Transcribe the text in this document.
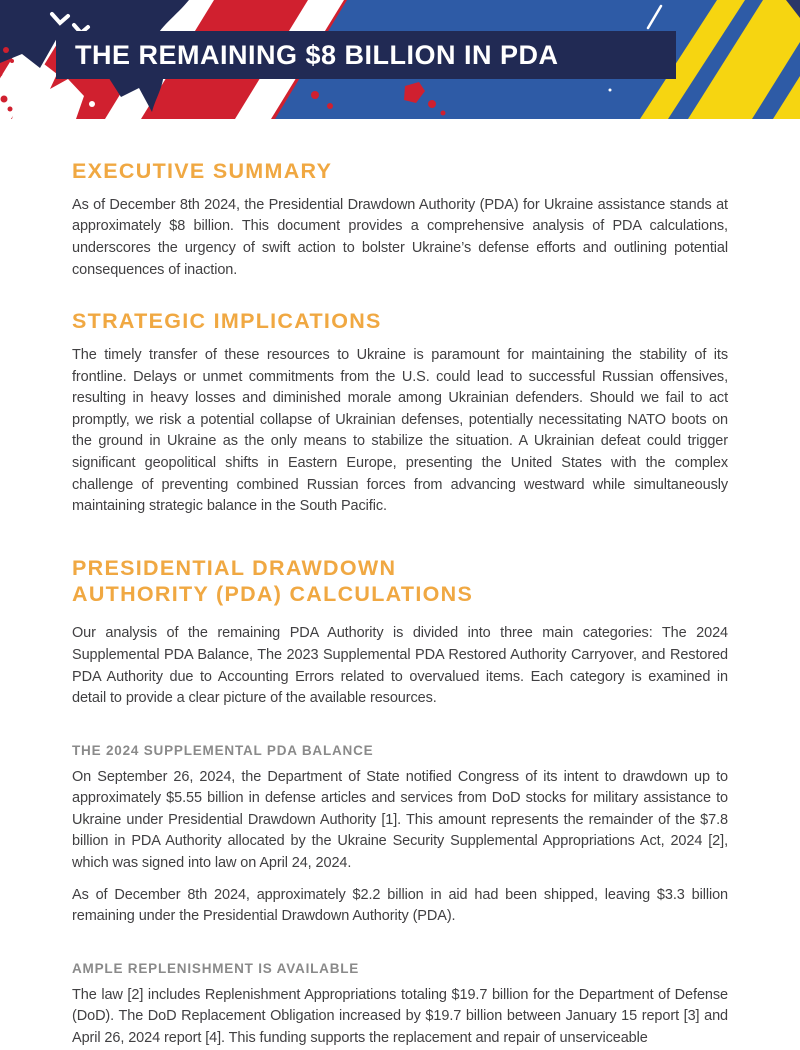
THE REMAINING $8 BILLION IN PDA
EXECUTIVE SUMMARY

As of December 8th 2024, the Presidential Drawdown Authority (PDA) for Ukraine assistance stands at approximately $8 billion. This document provides a comprehensive analysis of PDA calculations, underscores the urgency of swift action to bolster Ukraine’s defense efforts and outlining potential consequences of inaction.

STRATEGIC IMPLICATIONS

The timely transfer of these resources to Ukraine is paramount for maintaining the stability of its frontline. Delays or unmet commitments from the U.S. could lead to successful Russian offensives, resulting in heavy losses and diminished morale among Ukrainian defenders. Should we fail to act promptly, we risk a potential collapse of Ukrainian defenses, potentially necessitating NATO boots on the ground in Ukraine as the only means to stabilize the situation. A Ukrainian defeat could trigger significant geopolitical shifts in Eastern Europe, presenting the United States with the complex challenge of preventing combined Russian forces from advancing westward while simultaneously maintaining strategic balance in the South Pacific.

PRESIDENTIAL DRAWDOWN
AUTHORITY (PDA) CALCULATIONS

Our analysis of the remaining PDA Authority is divided into three main categories: The 2024 Supplemental PDA Balance, The 2023 Supplemental PDA Restored Authority Carryover, and Restored PDA Authority due to Accounting Errors related to overvalued items. Each category is examined in detail to provide a clear picture of the available resources.

THE 2024 SUPPLEMENTAL PDA BALANCE

On September 26, 2024, the Department of State notified Congress of its intent to drawdown up to approximately $5.55 billion in defense articles and services from DoD stocks for military assistance to Ukraine under Presidential Drawdown Authority [1]. This amount represents the remainder of the $7.8 billion in PDA Authority allocated by the Ukraine Security Supplemental Appropriations Act, 2024 [2], which was signed into law on April 24, 2024.

As of December 8th 2024, approximately $2.2 billion in aid had been shipped, leaving $3.3 billion remaining under the Presidential Drawdown Authority (PDA).

AMPLE REPLENISHMENT IS AVAILABLE

The law [2] includes Replenishment Appropriations totaling $19.7 billion for the Department of Defense (DoD). The DoD Replacement Obligation increased by $19.7 billion between January 15 report [3] and April 26, 2024 report [4]. This funding supports the replacement and repair of unserviceable
